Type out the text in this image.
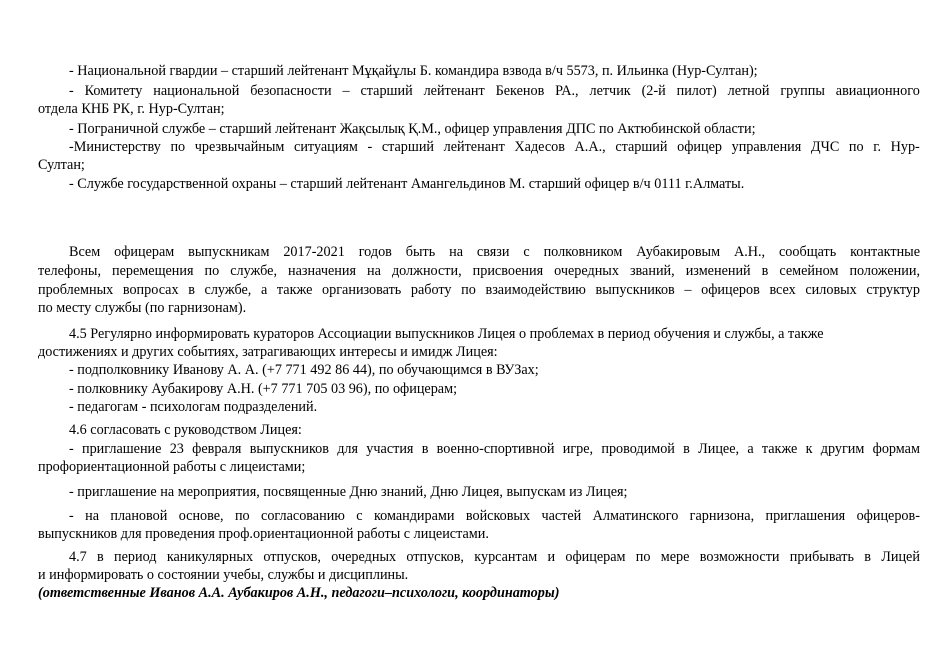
- Национальной гвардии – старший лейтенант Мұқайұлы Б. командира взвода в/ч 5573, п. Ильинка (Нур-Султан);
- Комитету национальной безопасности – старший лейтенант Бекенов РА., летчик (2-й пилот) летной группы авиационного
отдела КНБ РК, г. Нур-Султан;
- Пограничной службе – старший лейтенант Жақсылық Қ.М., офицер управления ДПС по Актюбинской области;
-Министерству по чрезвычайным ситуациям - старший лейтенант Хадесов А.А., старший офицер управления ДЧС по г. Нур-
Султан;
- Службе государственной охраны – старший лейтенант Амангельдинов М. старший офицер в/ч 0111 г.Алматы.
Всем офицерам выпускникам 2017-2021 годов быть на связи с полковником Аубакировым А.Н., сообщать контактные
телефоны, перемещения по службе, назначения на должности, присвоения очередных званий, изменений в семейном положении,
проблемных вопросах в службе, а также организовать работу по взаимодействию выпускников – офицеров всех силовых структур
по месту службы (по гарнизонам).
4.5 Регулярно информировать кураторов Ассоциации выпускников Лицея о проблемах в период обучения и службы, а также
достижениях и других событиях, затрагивающих интересы и имидж Лицея:
- подполковнику Иванову А. А. (+7 771 492 86 44), по обучающимся в ВУЗах;
- полковнику Аубакирову А.Н. (+7 771 705 03 96), по офицерам;
- педагогам - психологам подразделений.
4.6 согласовать с руководством Лицея:
- приглашение 23 февраля выпускников для участия в военно-спортивной игре, проводимой в Лицее, а также к другим формам
профориентационной работы с лицеистами;
- приглашение на мероприятия, посвященные Дню знаний, Дню Лицея, выпускам из Лицея;
- на плановой основе, по согласованию с командирами войсковых частей Алматинского гарнизона, приглашения офицеров-
выпускников для проведения проф.ориентационной работы с лицеистами.
4.7 в период каникулярных отпусков, очередных отпусков, курсантам и офицерам по мере возможности прибывать в Лицей
и информировать о состоянии учебы, службы и дисциплины.
(ответственные Иванов А.А. Аубакиров А.Н., педагоги–психологи, координаторы)
